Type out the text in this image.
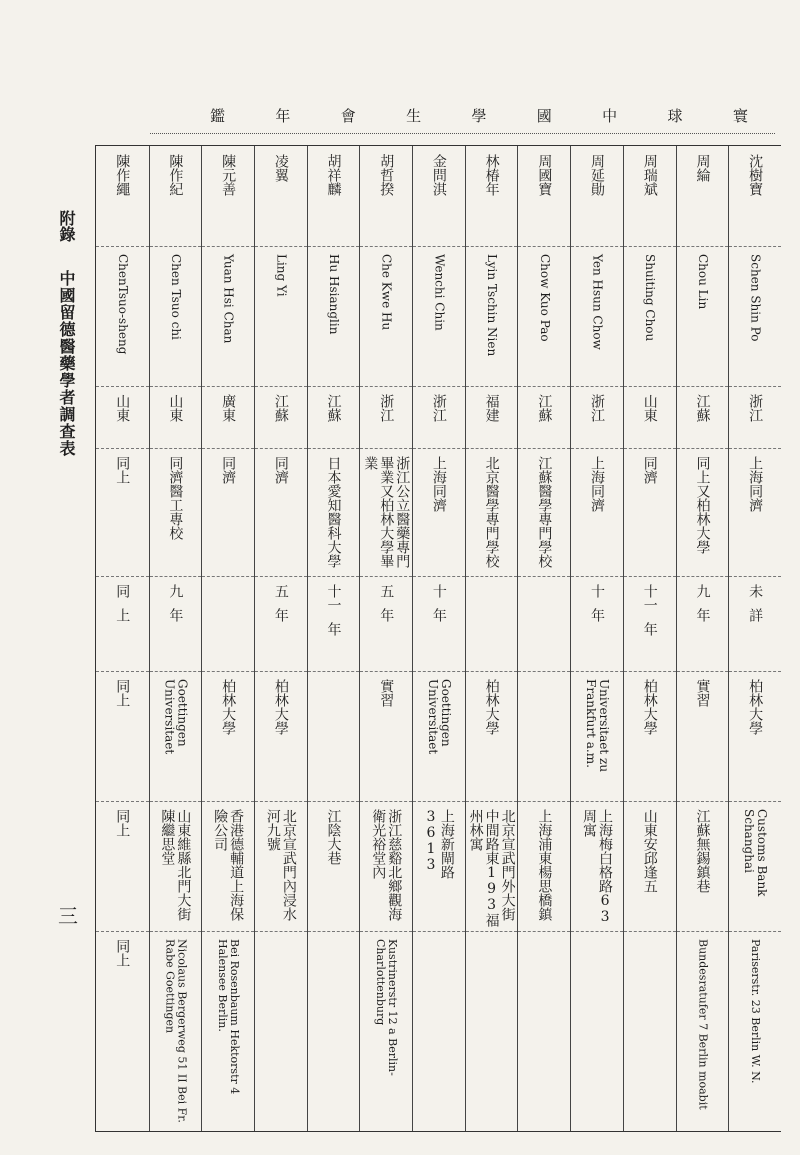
寰
球
中
國
學
生
會
年
鑑
附錄
中國留德醫藥學者調查表
三
沈樹寶
Schen Shin Po
浙江
上海同濟
未
詳
柏林大學
Customs Bank Schanghai
Pariserstr. 23 Berlin W. N.
周綸
Chou Lin
江蘇
同上又柏林大學
九
年
實習
江蘇無錫鎮巷
Bundesratufer 7 Berlin moabit
周瑞斌
Shuiting Chou
山東
同濟
十一
年
柏林大學
山東安邱逢五
周延勛
Yen Hsun Chow
浙江
上海同濟
十
年
Universitaet zu Frankfurt a.m.
上海梅白格路63周寓
周國寶
Chow Kuo Pao
江蘇
江蘇醫學專門學校
上海浦東楊思橋鎮
林椿年
Lyin Tschin Nien
福建
北京醫學專門學校
柏林大學
北京宣武門外大街中間路東193福州林寓
金問淇
Wenchi Chin
浙江
上海同濟
十
年
Goettingen Universitaet
上海新閘路3613
胡哲揆
Che Kwe Hu
浙江
浙江公立醫藥專門畢業又柏林大學畢業
五
年
實習
浙江慈谿北鄉觀海衛光裕堂內
Kustrinerstr 12 a Berlin-Charlottenburg
胡祥麟
Hu Hsianglin
江蘇
日本愛知醫科大學
十一
年
江陰大巷
凌翼
Ling Yi
江蘇
同濟
五
年
柏林大學
北京宣武門內浸水河九號
陳元善
Yuan Hsi Chan
廣東
同濟
柏林大學
香港德輔道上海保險公司
Bei Rosenbaum Hektorstr 4 Halensee Berlin.
陳作紀
Chen Tsuo chi
山東
同濟醫工專校
九
年
Goettingen Universitaet
山東維縣北門大街陳繼思堂
Nicolaus Bergerweg 51 II Bei Fr. Rabe Goettingen
陳作繩
ChenTsuo-sheng
山東
同上
同
上
同上
同上
同上
